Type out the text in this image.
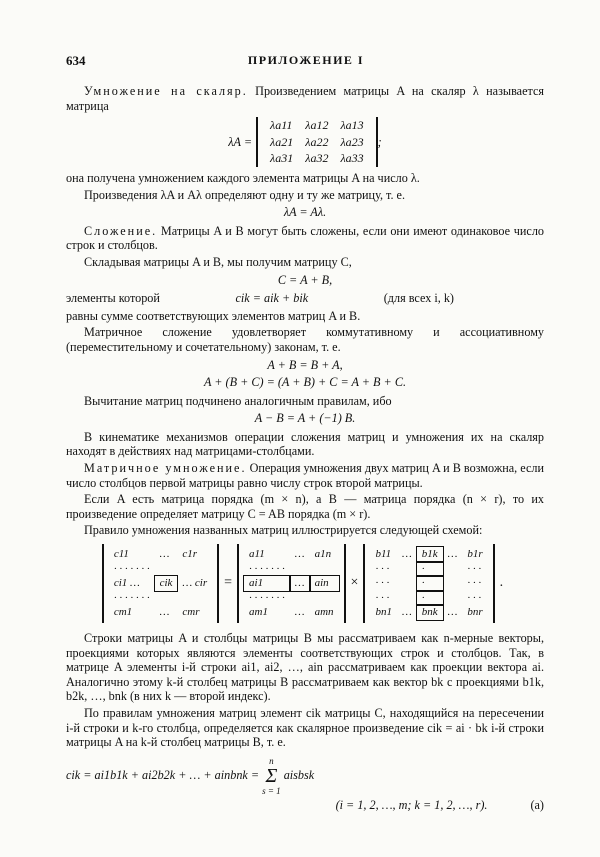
634	ПРИЛОЖЕНИЕ I

Умножение на скаляр. Произведением матрицы A на скаляр λ называется матрица

λA =
λa11	λa12	λa13
λa21	λa22	λa23
λa31	λa32	λa33
;

она получена умножением каждого элемента матрицы A на число λ.

Произведения λA и Aλ определяют одну и ту же матрицу, т. е.

λA = Aλ.

Сложение. Матрицы A и B могут быть сложены, если они имеют одинаковое число строк и столбцов.

Складывая матрицы A и B, мы получим матрицу C,

C = A + B,
элементы которой	cik = aik + bik	(для всех i, k)

равны сумме соответствующих элементов матриц A и B.

Матричное сложение удовлетворяет коммутативному и ассоциативному (переместительному и сочетательному) законам, т. е.

A + B = B + A,
A + (B + C) = (A + B) + C = A + B + C.

Вычитание матриц подчинено аналогичным правилам, ибо

A − B = A + (−1) B.

В кинематике механизмов операции сложения матриц и умножения их на скаляр находят в действиях над матрицами-столбцами.

Матричное умножение. Операция умножения двух матриц A и B возможна, если число столбцов первой матрицы равно числу строк второй матрицы.

Если A есть матрица порядка (m × n), а B — матрица порядка (n × r), то их произведение определяет матрицу C = AB порядка (m × r).

Правило умножения названных матриц иллюстрируется следующей схемой:

c11	…	c1r
· · · · · · ·		
ci1 …	cik	… cir
· · · · · · ·		
cm1	…	cmr
=
a11	…	a1n
· · · · · · ·		
ai1	…	ain
· · · · · · ·		
am1	…	amn
×
b11	…	b1k	…	b1r
· · ·		·		· · ·
· · ·		·		· · ·
· · ·		·		· · ·
bn1	…	bnk	…	bnr
.

Строки матрицы A и столбцы матрицы B мы рассматриваем как n-мерные векторы, проекциями которых являются элементы соответствующих строк и столбцов. Так, в матрице A элементы i-й строки ai1, ai2, …, ain рассматриваем как проекции вектора ai. Аналогично этому k-й столбец матрицы B рассматриваем как вектор bk с проекциями b1k, b2k, …, bnk (в них k — второй индекс).

По правилам умножения матриц элемент cik матрицы C, находящийся на пересечении i-й строки и k-го столбца, определяется как скалярное произведение cik = ai · bk i-й строки матрицы A на k-й столбец матрицы B, т. е.

cik = ai1b1k + ai2b2k + … + ainbnk =
n
Σ
s = 1
aisbsk
(i = 1, 2, …, m; k = 1, 2, …, r).	(a)
